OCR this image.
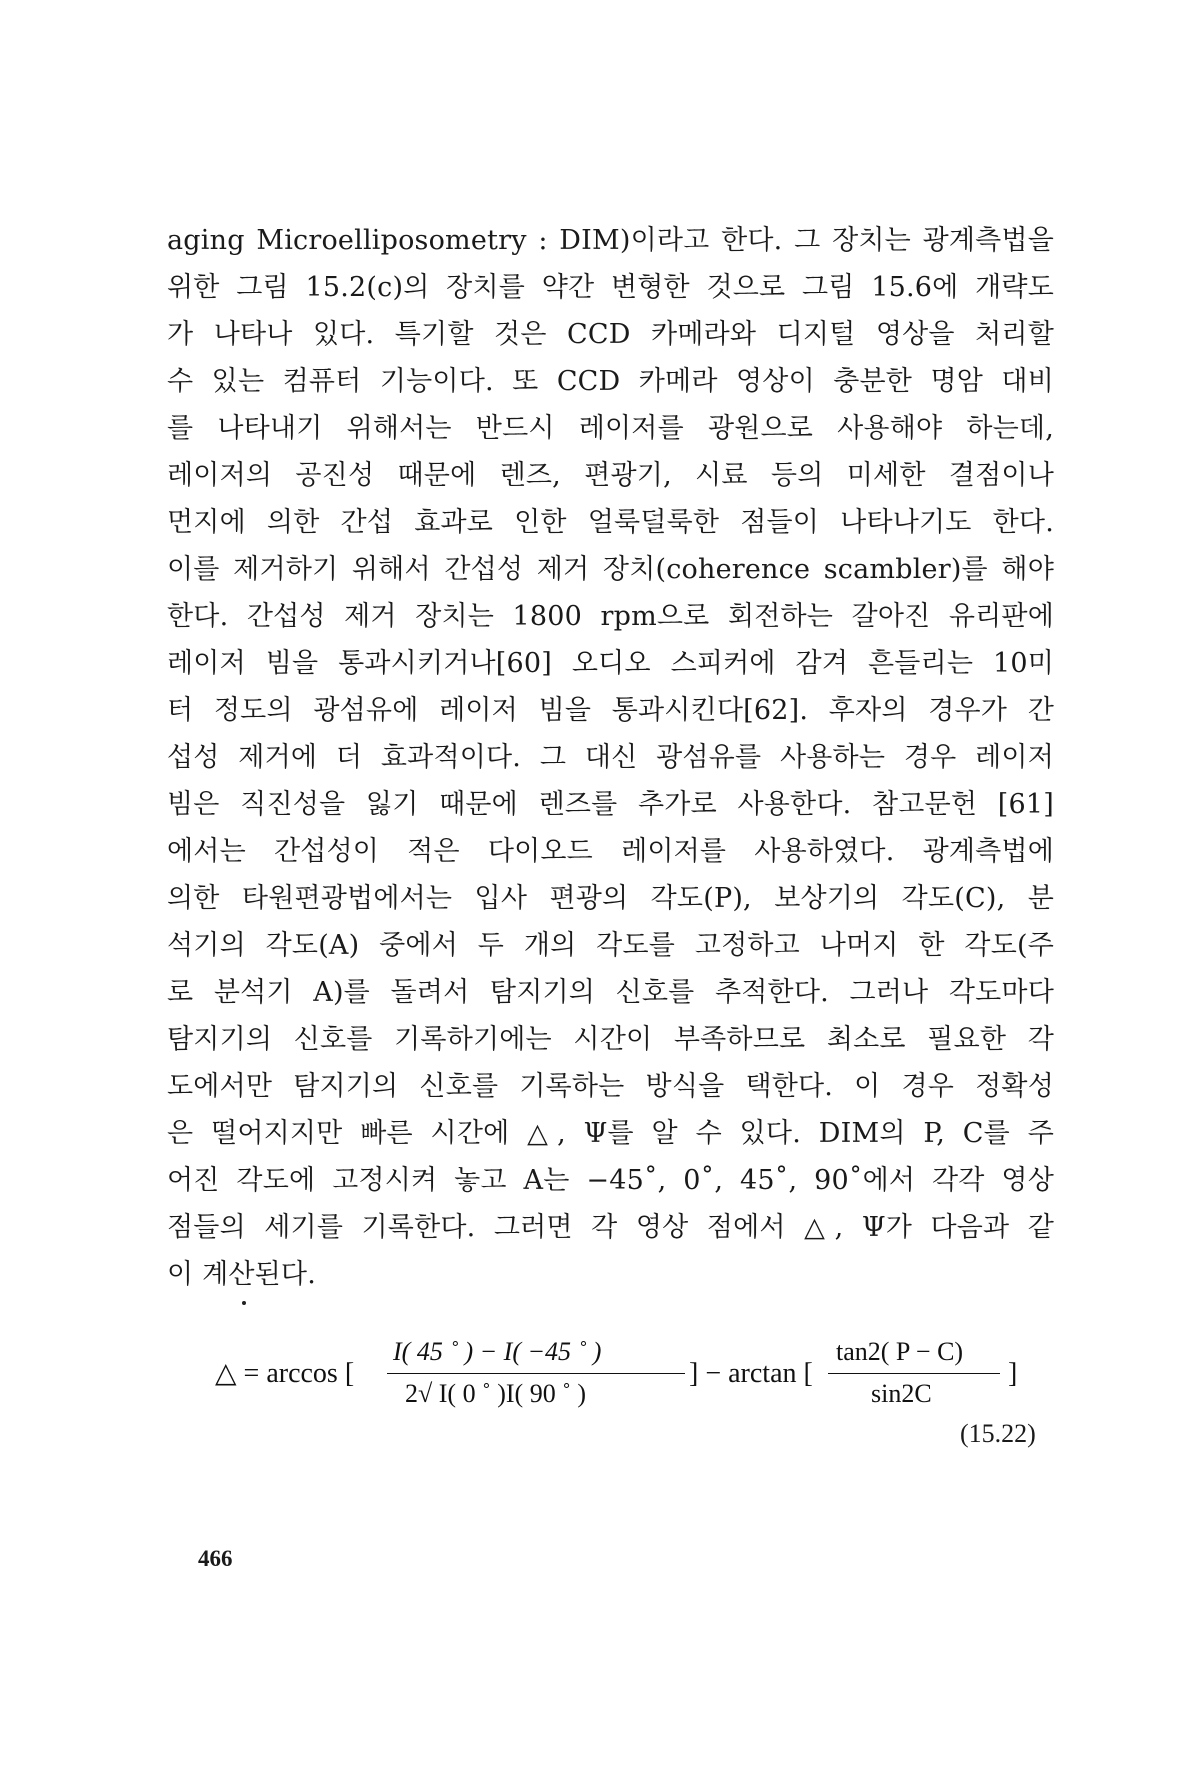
aging Microelliposometry : DIM)이라고 한다. 그 장치는 광계측법을
위한 그림 15.2(c)의 장치를 약간 변형한 것으로 그림 15.6에 개략도
가 나타나 있다. 특기할 것은 CCD 카메라와 디지털 영상을 처리할
수 있는 컴퓨터 기능이다. 또 CCD 카메라 영상이 충분한 명암 대비
를 나타내기 위해서는 반드시 레이저를 광원으로 사용해야 하는데,
레이저의 공진성 때문에 렌즈, 편광기, 시료 등의 미세한 결점이나
먼지에 의한 간섭 효과로 인한 얼룩덜룩한 점들이 나타나기도 한다.
이를 제거하기 위해서 간섭성 제거 장치(coherence scambler)를 해야
한다. 간섭성 제거 장치는 1800 rpm으로 회전하는 갈아진 유리판에
레이저 빔을 통과시키거나[60] 오디오 스피커에 감겨 흔들리는 10미
터 정도의 광섬유에 레이저 빔을 통과시킨다[62]. 후자의 경우가 간
섭성 제거에 더 효과적이다. 그 대신 광섬유를 사용하는 경우 레이저
빔은 직진성을 잃기 때문에 렌즈를 추가로 사용한다. 참고문헌 [61]
에서는 간섭성이 적은 다이오드 레이저를 사용하였다. 광계측법에
의한 타원편광법에서는 입사 편광의 각도(P), 보상기의 각도(C), 분
석기의 각도(A) 중에서 두 개의 각도를 고정하고 나머지 한 각도(주
로 분석기 A)를 돌려서 탐지기의 신호를 추적한다. 그러나 각도마다
탐지기의 신호를 기록하기에는 시간이 부족하므로 최소로 필요한 각
도에서만 탐지기의 신호를 기록하는 방식을 택한다. 이 경우 정확성
은 떨어지지만 빠른 시간에 △, Ψ를 알 수 있다. DIM의 P, C를 주
어진 각도에 고정시켜 놓고 A는 −45˚, 0˚, 45˚, 90˚에서 각각 영상
점들의 세기를 기록한다. 그러면 각 영상 점에서 △, Ψ가 다음과 같
이 계산된다.
△ = arccos [
I( 45 ˚ ) − I( −45 ˚ )
2√ I( 0 ˚ )I( 90 ˚ )
] − arctan [
tan2( P − C)
sin2C
]
(15.22)
466
